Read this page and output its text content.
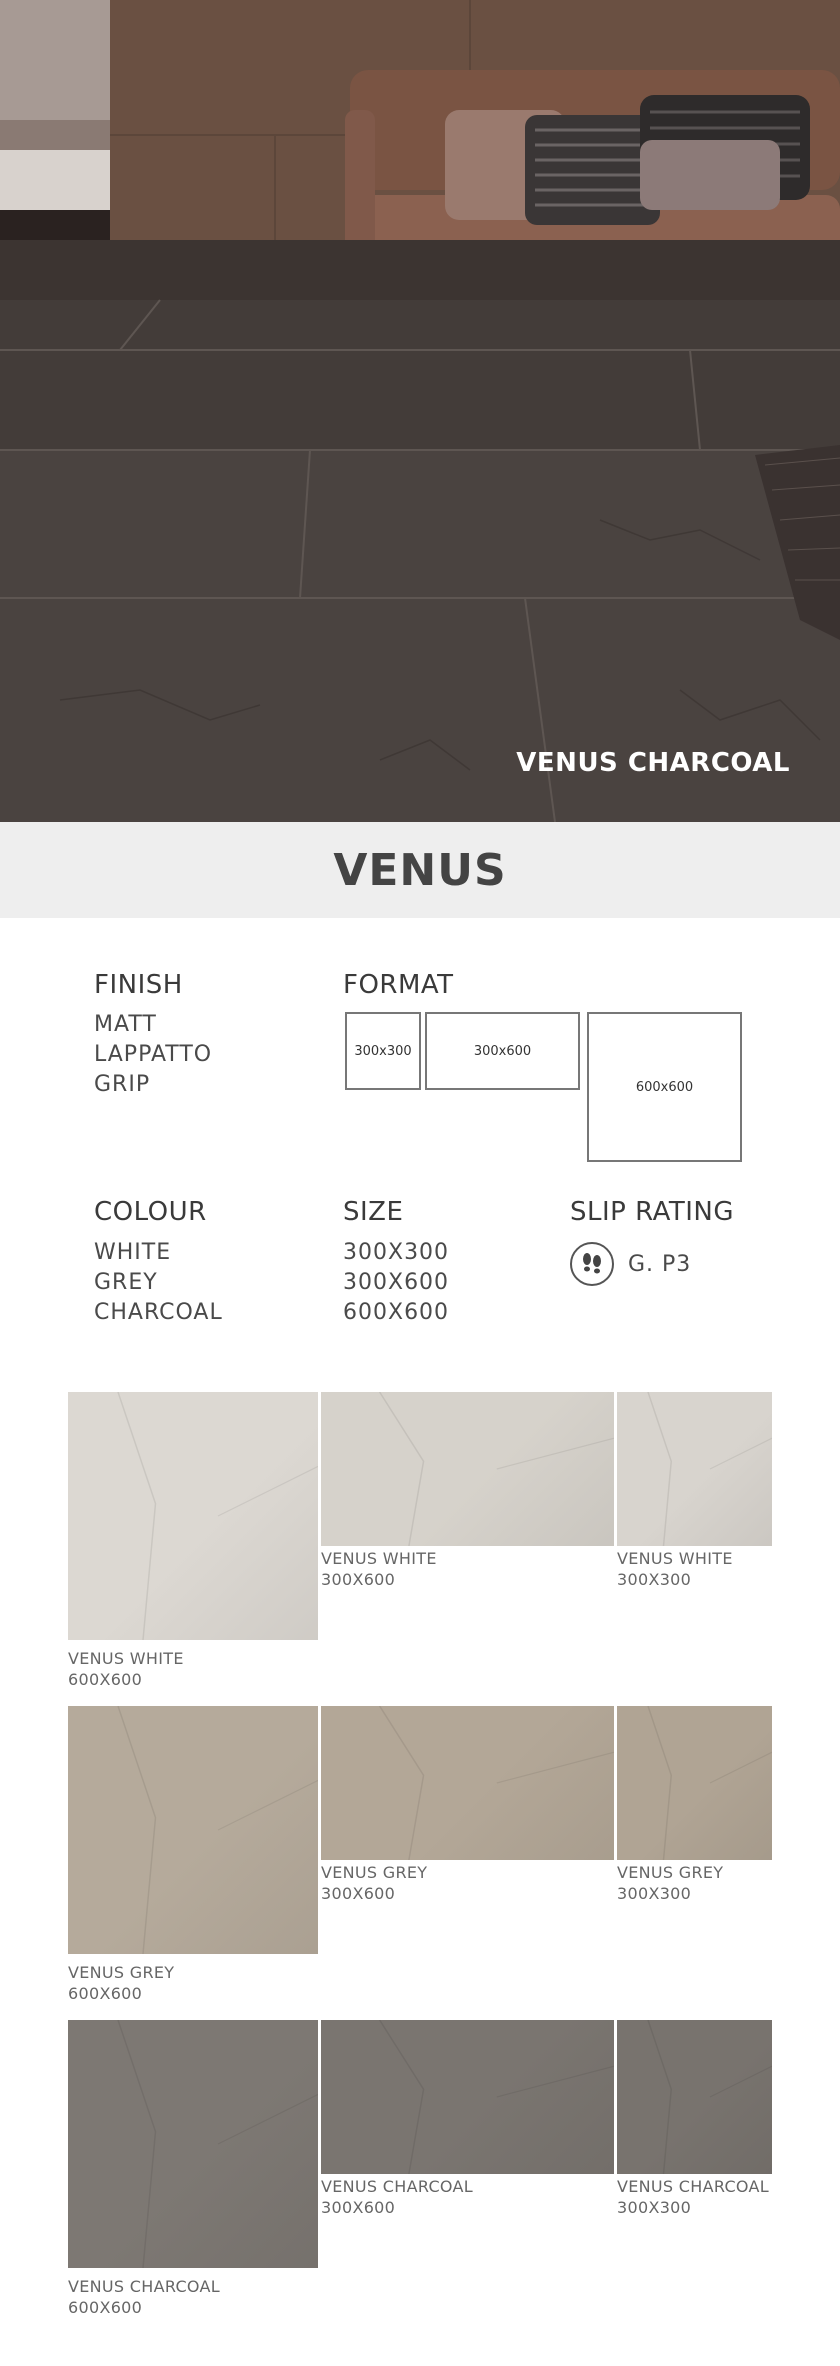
VENUS CHARCOAL
VENUS
FINISH
MATT
LAPPATTO
GRIP
FORMAT
300x300	300x600
600x600
COLOUR
WHITE
GREY
CHARCOAL
SIZE
300X300
300X600
600X600
SLIP RATING
G. P3
VENUS WHITE
600X600
VENUS WHITE
300X600
VENUS WHITE
300X300
VENUS GREY
600X600
VENUS GREY
300X600
VENUS GREY
300X300
VENUS CHARCOAL
600X600
VENUS CHARCOAL
300X600
VENUS CHARCOAL
300X300
